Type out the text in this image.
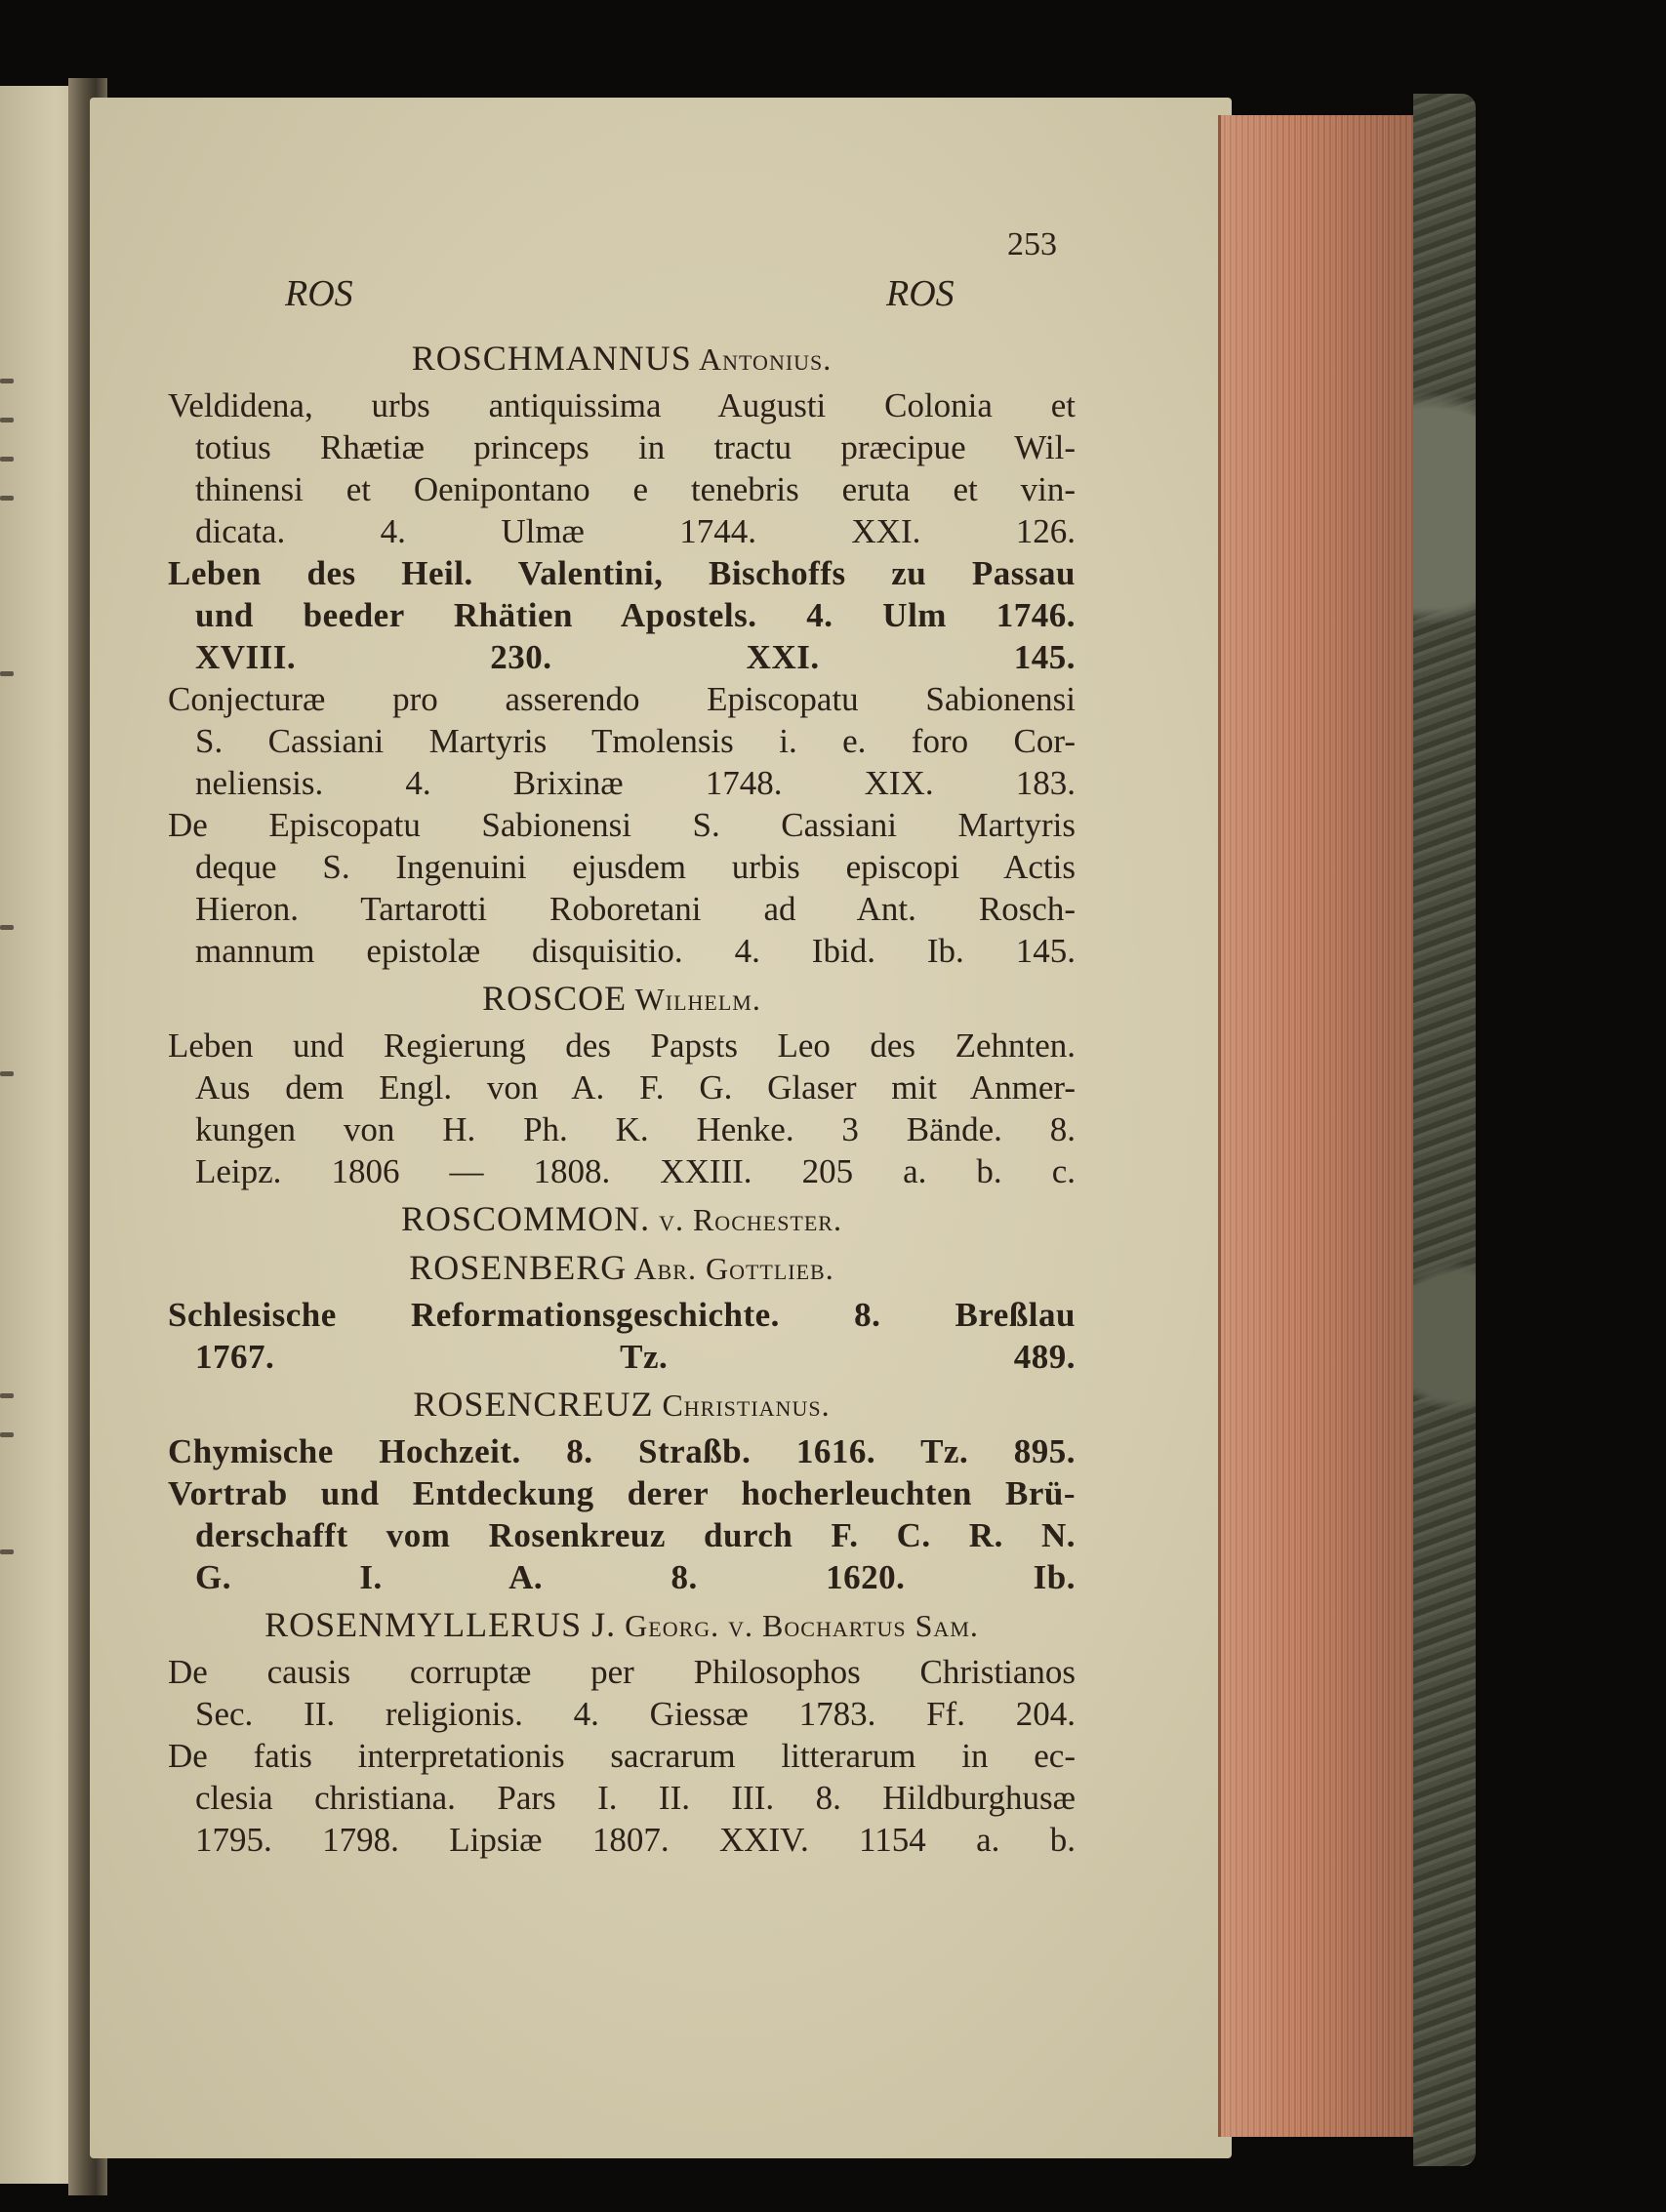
253
ROS	ROS
ROSCHMANNUS Antonius.
Veldidena, urbs antiquissima Augusti Colonia et
totius Rhætiæ princeps in tractu præcipue Wil-
thinensi et Oenipontano e tenebris eruta et vin-
dicata. 4. Ulmæ 1744. XXI. 126.
Leben des Heil. Valentini, Bischoffs zu Passau
und beeder Rhätien Apostels. 4. Ulm 1746.
XVIII. 230. XXI. 145.
Conjecturæ pro asserendo Episcopatu Sabionensi
S. Cassiani Martyris Tmolensis i. e. foro Cor-
neliensis. 4. Brixinæ 1748. XIX. 183.
De Episcopatu Sabionensi S. Cassiani Martyris
deque S. Ingenuini ejusdem urbis episcopi Actis
Hieron. Tartarotti Roboretani ad Ant. Rosch-
mannum epistolæ disquisitio. 4. Ibid. Ib. 145.
ROSCOE Wilhelm.
Leben und Regierung des Papsts Leo des Zehnten.
Aus dem Engl. von A. F. G. Glaser mit Anmer-
kungen von H. Ph. K. Henke. 3 Bände. 8.
Leipz. 1806 — 1808. XXIII. 205 a. b. c.
ROSCOMMON. v. Rochester.
ROSENBERG Abr. Gottlieb.
Schlesische Reformationsgeschichte. 8. Breßlau
1767. Tz. 489.
ROSENCREUZ Christianus.
Chymische Hochzeit. 8. Straßb. 1616. Tz. 895.
Vortrab und Entdeckung derer hocherleuchten Brü-
derschafft vom Rosenkreuz durch F. C. R. N.
G. I. A. 8. 1620. Ib.
ROSENMYLLERUS J. Georg. v. Bochartus Sam.
De causis corruptæ per Philosophos Christianos
Sec. II. religionis. 4. Giessæ 1783. Ff. 204.
De fatis interpretationis sacrarum litterarum in ec-
clesia christiana. Pars I. II. III. 8. Hildburghusæ
1795. 1798. Lipsiæ 1807. XXIV. 1154 a. b.
